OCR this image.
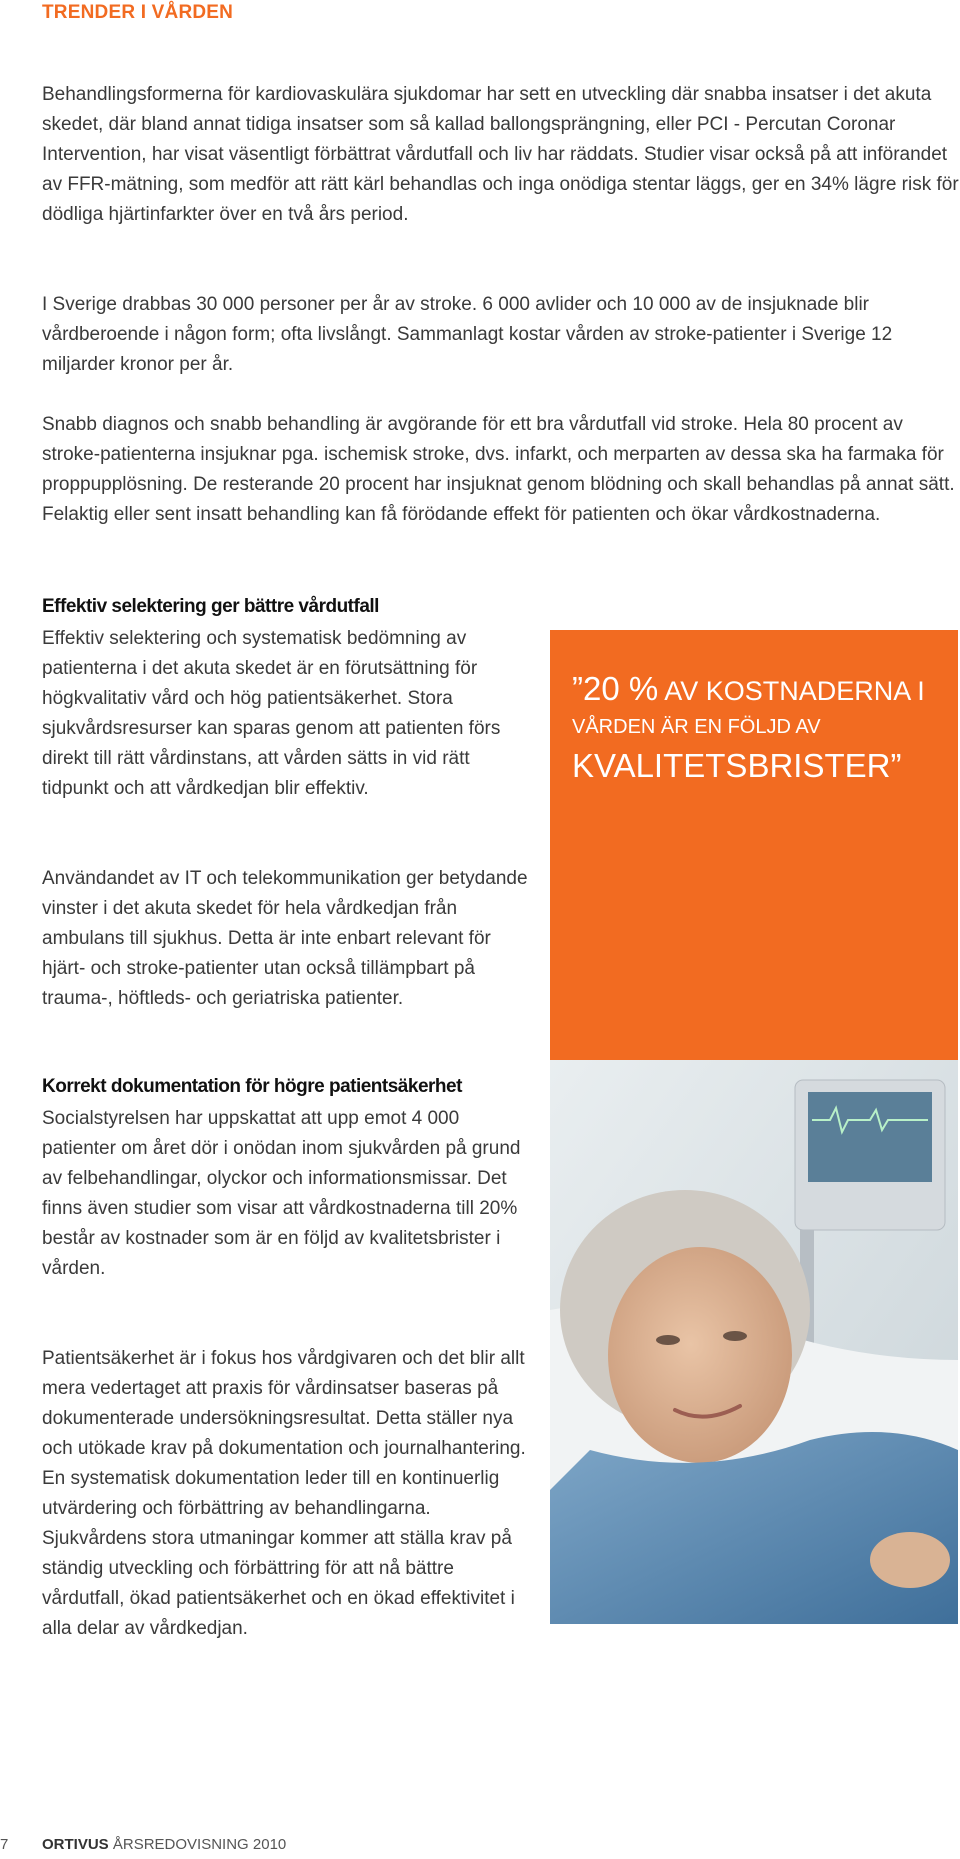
TRENDER I VÅRDEN

Behandlingsformerna för kardiovaskulära sjukdomar har sett en utveckling där snabba insatser i det akuta skedet, där bland annat tidiga insatser som så kallad ballongsprängning, eller PCI - Percutan Coronar Intervention, har visat väsentligt förbättrat vårdutfall och liv har räddats. Studier visar också på att införandet av FFR-mätning, som medför att rätt kärl behandlas och inga onödiga stentar läggs, ger en 34% lägre risk för dödliga hjärtinfarkter över en två års period.

I Sverige drabbas 30 000 personer per år av stroke. 6 000 avlider och 10 000 av de insjuknade blir vårdberoende i någon form; ofta livslångt. Sammanlagt kostar vården av stroke-patienter i Sverige 12 miljarder kronor per år.

Snabb diagnos och snabb behandling är avgörande för ett bra vårdutfall vid stroke. Hela 80 procent av stroke-patienterna insjuknar pga. ischemisk stroke, dvs. infarkt, och merparten av dessa ska ha farmaka för proppupplösning. De resterande 20 procent har insjuknat genom blödning och skall behandlas på annat sätt. Felaktig eller sent insatt behandling kan få förödande effekt för patienten och ökar vårdkostnaderna.

Effektiv selektering ger bättre vårdutfall

Effektiv selektering och systematisk bedömning av patienterna i det akuta skedet är en förutsättning för högkvalitativ vård och hög patientsäkerhet. Stora sjukvårdsresurser kan sparas genom att patienten förs direkt till rätt vårdinstans, att vården sätts in vid rätt tidpunkt och att vårdkedjan blir effektiv.

Användandet av IT och telekommunikation ger betydande vinster i det akuta skedet för hela vårdkedjan från ambulans till sjukhus. Detta är inte enbart relevant för hjärt- och stroke-patienter utan också tillämpbart på trauma-, höftleds- och geriatriska patienter.

Korrekt dokumentation för högre patientsäkerhet

Socialstyrelsen har uppskattat att upp emot 4 000 patienter om året dör i onödan inom sjukvården på grund av felbehandlingar, olyckor och informationsmissar. Det finns även studier som visar att vårdkostnaderna till 20% består av kostnader som är en följd av kvalitetsbrister i vården.

Patientsäkerhet är i fokus hos vårdgivaren och det blir allt mera vedertaget att praxis för vårdinsatser baseras på dokumenterade undersökningsresultat. Detta ställer nya och utökade krav på dokumentation och journalhantering. En systematisk dokumentation leder till en kontinuerlig utvärdering och förbättring av behandlingarna. Sjukvårdens stora utmaningar kommer att ställa krav på ständig utveckling och förbättring för att nå bättre vårdutfall, ökad patientsäkerhet och en ökad effektivitet i alla delar av vårdkedjan.

”20 % AV KOSTNADERNA I
VÅRDEN ÄR EN FÖLJD AV
KVALITETSBRISTER”
7 ORTIVUS ÅRSREDOVISNING 2010
